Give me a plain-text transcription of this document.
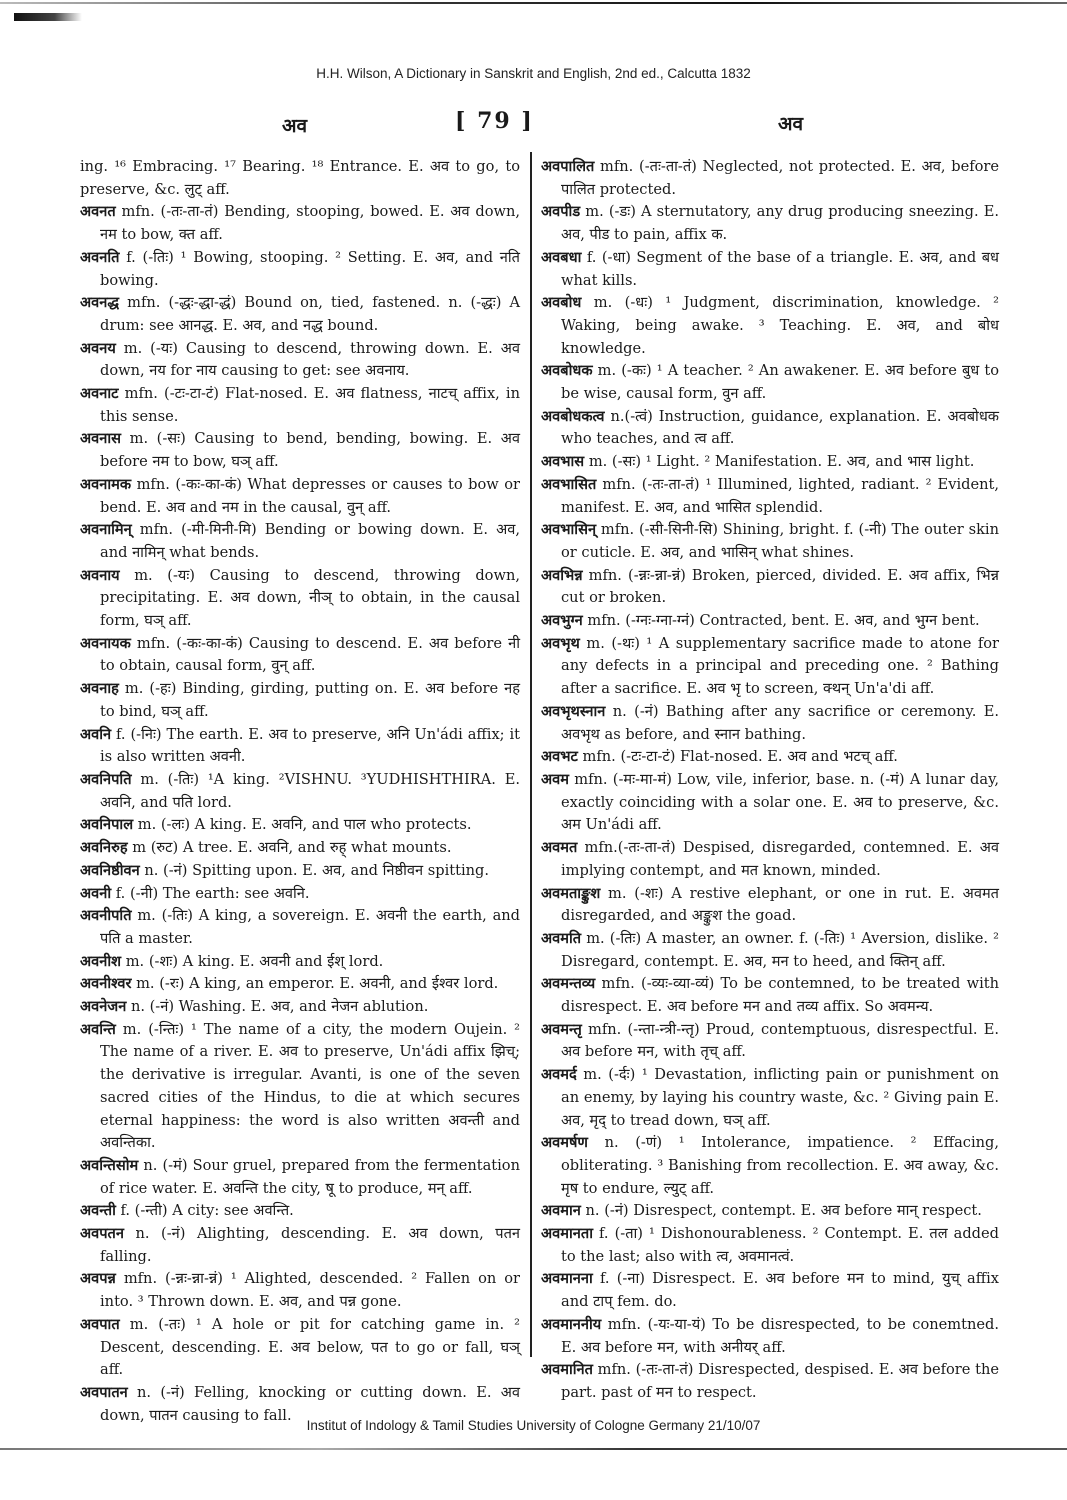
H.H. Wilson, A Dictionary in Sanskrit and English, 2nd ed., Calcutta 1832
अव	[ 79 ]	अव

ing. ¹⁶ Embracing. ¹⁷ Bearing. ¹⁸ Entrance. E. अव to go, to preserve, &c. लुट् aff.

अवनत mfn. (-तः-ता-तं) Bending, stooping, bowed. E. अव down, नम to bow, क्त aff.

अवनति f. (-तिः) ¹ Bowing, stooping. ² Setting. E. अव, and नति bowing.

अवनद्ध mfn. (-द्धः-द्धा-द्धं) Bound on, tied, fastened. n. (-द्धः) A drum: see आनद्ध. E. अव, and नद्ध bound.

अवनय m. (-यः) Causing to descend, throwing down. E. अव down, नय for नाय causing to get: see अवनाय.

अवनाट mfn. (-टः-टा-टं) Flat-nosed. E. अव flatness, नाटच् affix, in this sense.

अवनास m. (-सः) Causing to bend, bending, bowing. E. अव before नम to bow, घञ् aff.

अवनामक mfn. (-कः-का-कं) What depresses or causes to bow or bend. E. अव and नम in the causal, वुन् aff.

अवनामिन् mfn. (-मी-मिनी-मि) Bending or bowing down. E. अव, and नामिन् what bends.

अवनाय m. (-यः) Causing to descend, throwing down, precipitating. E. अव down, नीञ् to obtain, in the causal form, घञ् aff.

अवनायक mfn. (-कः-का-कं) Causing to descend. E. अव before नी to obtain, causal form, वुन् aff.

अवनाह m. (-हः) Binding, girding, putting on. E. अव before नह to bind, घञ् aff.

अवनि f. (-निः) The earth. E. अव to preserve, अनि Un'ádi affix; it is also written अवनी.

अवनिपति m. (-तिः) ¹A king. ²VISHNU. ³YUDHISHTHIRA. E. अवनि, and पति lord.

अवनिपाल m. (-लः) A king. E. अवनि, and पाल who protects.

अवनिरुह m (रुट) A tree. E. अवनि, and रुह् what mounts.

अवनिष्ठीवन n. (-नं) Spitting upon. E. अव, and निष्ठीवन spitting.

अवनी f. (-नी) The earth: see अवनि.

अवनीपति m. (-तिः) A king, a sovereign. E. अवनी the earth, and पति a master.

अवनीश m. (-शः) A king. E. अवनी and ईश् lord.

अवनीश्वर m. (-रः) A king, an emperor. E. अवनी, and ईश्वर lord.

अवनेजन n. (-नं) Washing. E. अव, and नेजन ablution.

अवन्ति m. (-न्तिः) ¹ The name of a city, the modern Oujein. ² The name of a river. E. अव to preserve, Un'ádi affix झिच्; the derivative is irregular. Avanti, is one of the seven sacred cities of the Hindus, to die at which secures eternal happiness: the word is also written अवन्ती and अवन्तिका.

अवन्तिसोम n. (-मं) Sour gruel, prepared from the fermentation of rice water. E. अवन्ति the city, षू to produce, मन् aff.

अवन्ती f. (-न्ती) A city: see अवन्ति.

अवपतन n. (-नं) Alighting, descending. E. अव down, पतन falling.

अवपन्न mfn. (-न्नः-न्ना-न्नं) ¹ Alighted, descended. ² Fallen on or into. ³ Thrown down. E. अव, and पन्न gone.

अवपात m. (-तः) ¹ A hole or pit for catching game in. ² Descent, descending. E. अव below, पत to go or fall, घञ् aff.

अवपातन n. (-नं) Felling, knocking or cutting down. E. अव down, पातन causing to fall.

अवपालित mfn. (-तः-ता-तं) Neglected, not protected. E. अव, before पालित protected.

अवपीड m. (-डः) A sternutatory, any drug producing sneezing. E. अव, पीड to pain, affix क.

अवबधा f. (-धा) Segment of the base of a triangle. E. अव, and बध what kills.

अवबोध m. (-धः) ¹ Judgment, discrimination, knowledge. ² Waking, being awake. ³ Teaching. E. अव, and बोध knowledge.

अवबोधक m. (-कः) ¹ A teacher. ² An awakener. E. अव before बुध to be wise, causal form, वुन aff.

अवबोधकत्व n.(-त्वं) Instruction, guidance, explanation. E. अवबोधक who teaches, and त्व aff.

अवभास m. (-सः) ¹ Light. ² Manifestation. E. अव, and भास light.

अवभासित mfn. (-तः-ता-तं) ¹ Illumined, lighted, radiant. ² Evident, manifest. E. अव, and भासित splendid.

अवभासिन् mfn. (-सी-सिनी-सि) Shining, bright. f. (-नी) The outer skin or cuticle. E. अव, and भासिन् what shines.

अवभिन्न mfn. (-न्नः-न्ना-न्नं) Broken, pierced, divided. E. अव affix, भिन्न cut or broken.

अवभुग्न mfn. (-ग्नः-ग्ना-ग्नं) Contracted, bent. E. अव, and भुग्न bent.

अवभृथ m. (-थः) ¹ A supplementary sacrifice made to atone for any defects in a principal and preceding one. ² Bathing after a sacrifice. E. अव भृ to screen, क्थन् Un'a'di aff.

अवभृथस्नान n. (-नं) Bathing after any sacrifice or ceremony. E. अवभृथ as before, and स्नान bathing.

अवभट mfn. (-टः-टा-टं) Flat-nosed. E. अव and भटच् aff.

अवम mfn. (-मः-मा-मं) Low, vile, inferior, base. n. (-मं) A lunar day, exactly coinciding with a solar one. E. अव to preserve, &c. अम Un'ádi aff.

अवमत mfn.(-तः-ता-तं) Despised, disregarded, contemned. E. अव implying contempt, and मत known, minded.

अवमताङ्कुश m. (-शः) A restive elephant, or one in rut. E. अवमत disregarded, and अङ्कुश the goad.

अवमति m. (-तिः) A master, an owner. f. (-तिः) ¹ Aversion, dislike. ² Disregard, contempt. E. अव, मन to heed, and क्तिन् aff.

अवमन्तव्य mfn. (-व्यः-व्या-व्यं) To be contemned, to be treated with disrespect. E. अव before मन and तव्य affix. So अवमन्य.

अवमन्तृ mfn. (-न्ता-न्त्री-न्तृ) Proud, contemptuous, disrespectful. E. अव before मन, with तृच् aff.

अवमर्द m. (-र्दः) ¹ Devastation, inflicting pain or punishment on an enemy, by laying his country waste, &c. ² Giving pain E. अव, मृद् to tread down, घञ् aff.

अवमर्षण n. (-णं) ¹ Intolerance, impatience. ² Effacing, obliterating. ³ Banishing from recollection. E. अव away, &c. मृष to endure, ल्युट् aff.

अवमान n. (-नं) Disrespect, contempt. E. अव before मान् respect.

अवमानता f. (-ता) ¹ Dishonourableness. ² Contempt. E. तल added to the last; also with त्व, अवमानत्वं.

अवमानना f. (-ना) Disrespect. E. अव before मन to mind, युच् affix and टाप् fem. do.

अवमाननीय mfn. (-यः-या-यं) To be disrespected, to be conemtned. E. अव before मन, with अनीयर् aff.

अवमानित mfn. (-तः-ता-तं) Disrespected, despised. E. अव before the part. past of मन to respect.

Institut of Indology & Tamil Studies University of Cologne Germany 21/10/07
